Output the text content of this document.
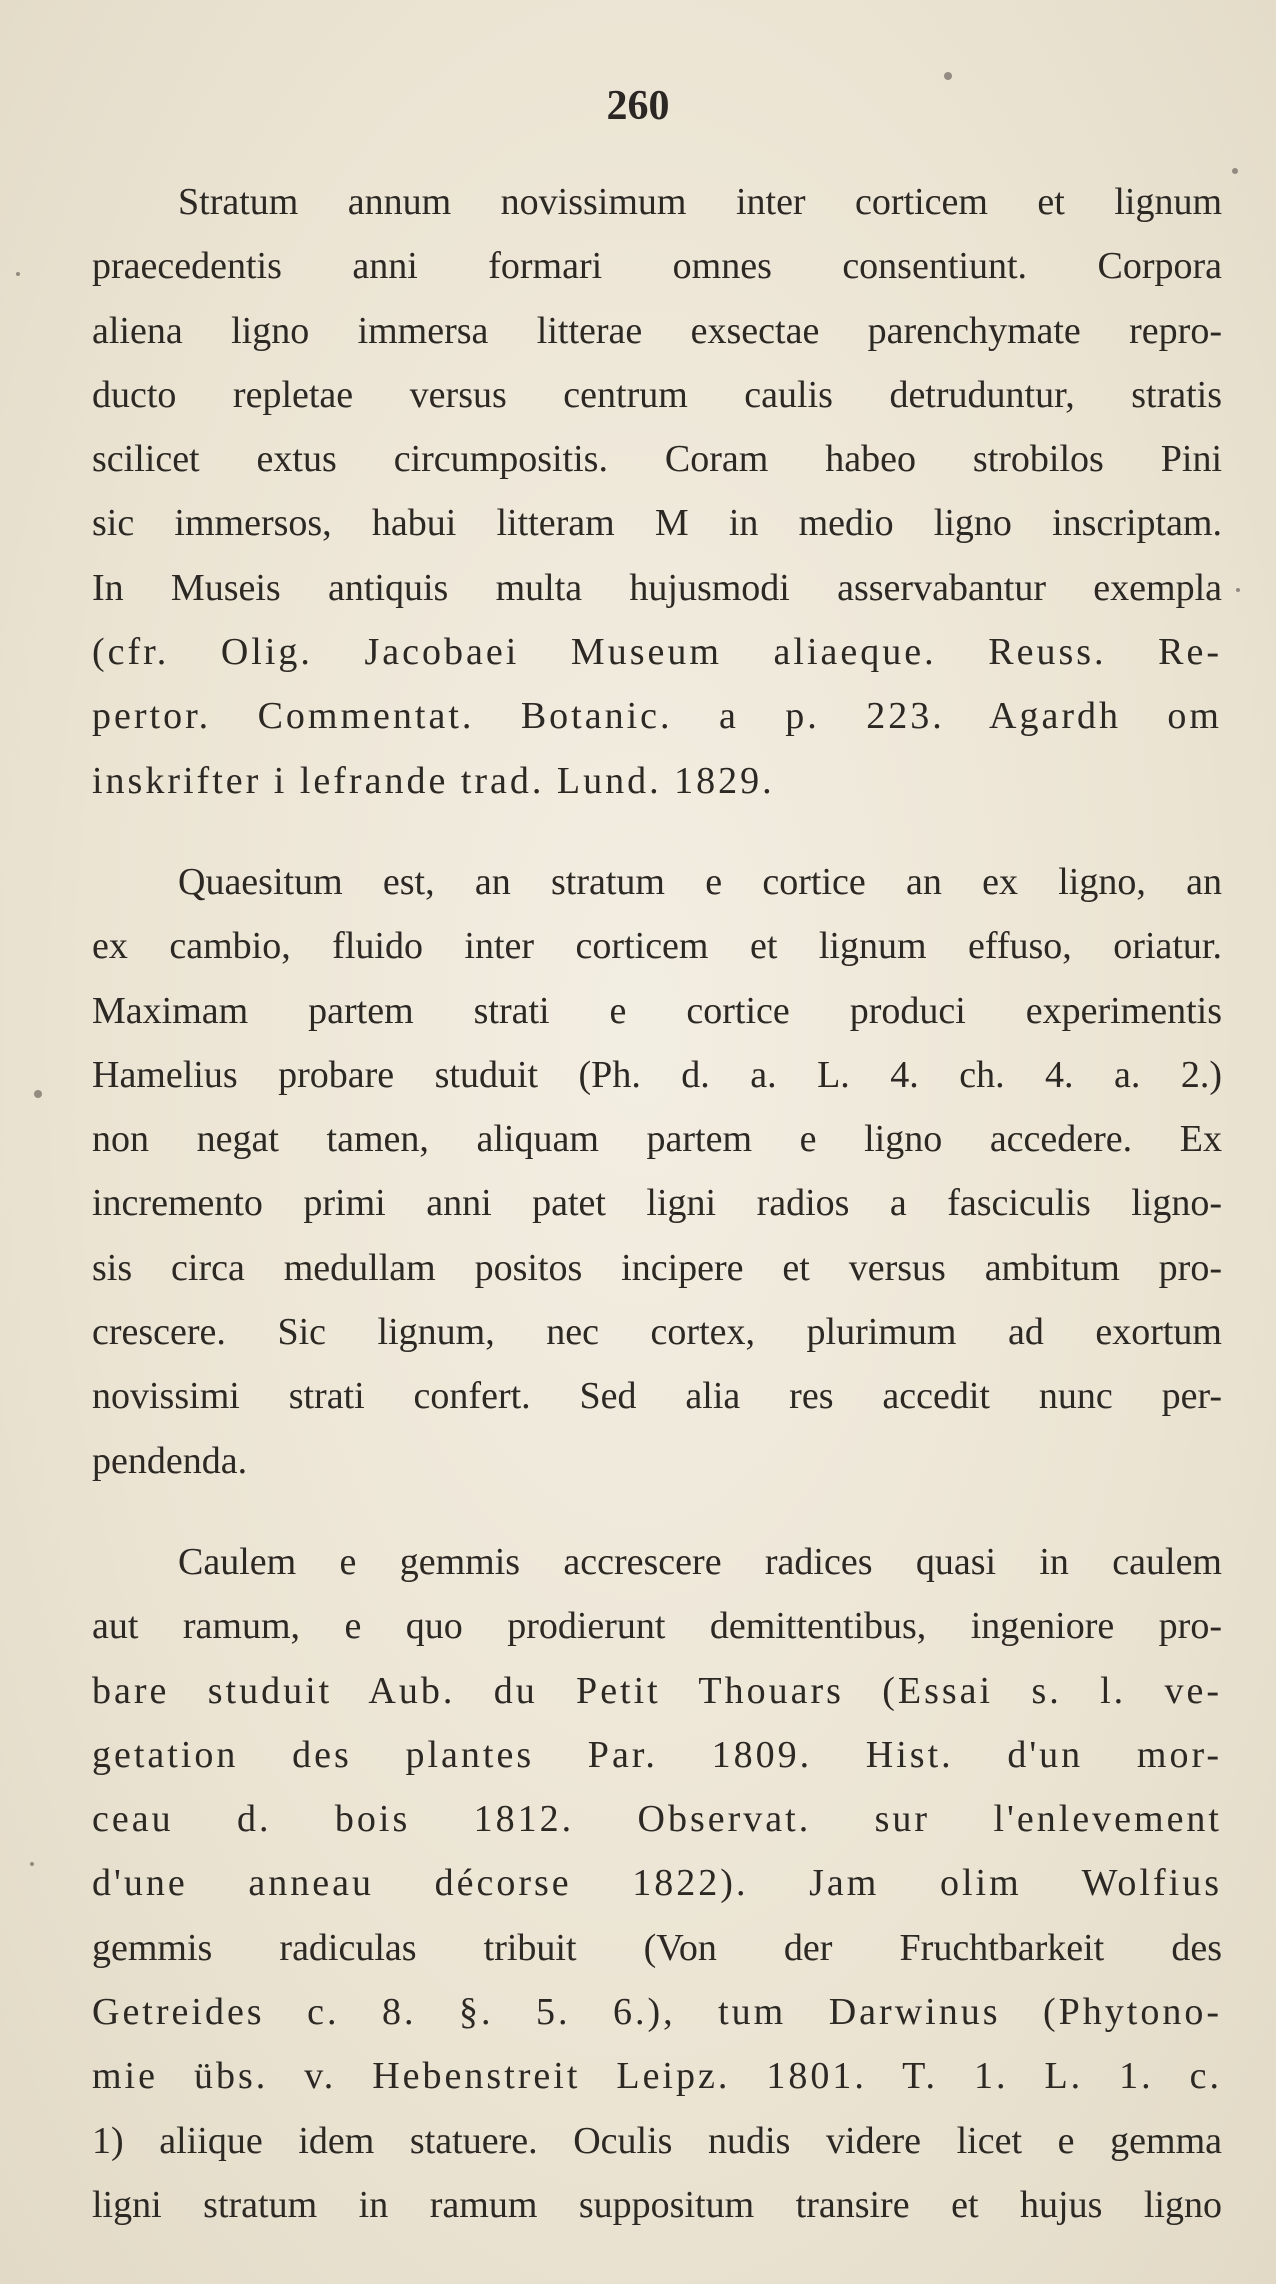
260
Stratum annum novissimum inter corticem et lignum
praecedentis anni formari omnes consentiunt. Corpora
aliena ligno immersa litterae exsectae parenchymate repro-
ducto repletae versus centrum caulis detruduntur, stratis
scilicet extus circumpositis. Coram habeo strobilos Pini
sic immersos, habui litteram M in medio ligno inscriptam.
In Museis antiquis multa hujusmodi asservabantur exempla
(cfr. Olig. Jacobaei Museum aliaeque. Reuss. Re-
pertor. Commentat. Botanic. a p. 223. Agardh om
inskrifter i lefrande trad. Lund. 1829.
Quaesitum est, an stratum e cortice an ex ligno, an
ex cambio, fluido inter corticem et lignum effuso, oriatur.
Maximam partem strati e cortice produci experimentis
Hamelius probare studuit (Ph. d. a. L. 4. ch. 4. a. 2.)
non negat tamen, aliquam partem e ligno accedere. Ex
incremento primi anni patet ligni radios a fasciculis ligno-
sis circa medullam positos incipere et versus ambitum pro-
crescere. Sic lignum, nec cortex, plurimum ad exortum
novissimi strati confert. Sed alia res accedit nunc per-
pendenda.
Caulem e gemmis accrescere radices quasi in caulem
aut ramum, e quo prodierunt demittentibus, ingeniore pro-
bare studuit Aub. du Petit Thouars (Essai s. l. ve-
getation des plantes Par. 1809. Hist. d'un mor-
ceau d. bois 1812. Observat. sur l'enlevement
d'une anneau décorse 1822). Jam olim Wolfius
gemmis radiculas tribuit (Von der Fruchtbarkeit des
Getreides c. 8. §. 5. 6.), tum Darwinus (Phytono-
mie übs. v. Hebenstreit Leipz. 1801. T. 1. L. 1. c.
1) aliique idem statuere. Oculis nudis videre licet e gemma
ligni stratum in ramum suppositum transire et hujus ligno
